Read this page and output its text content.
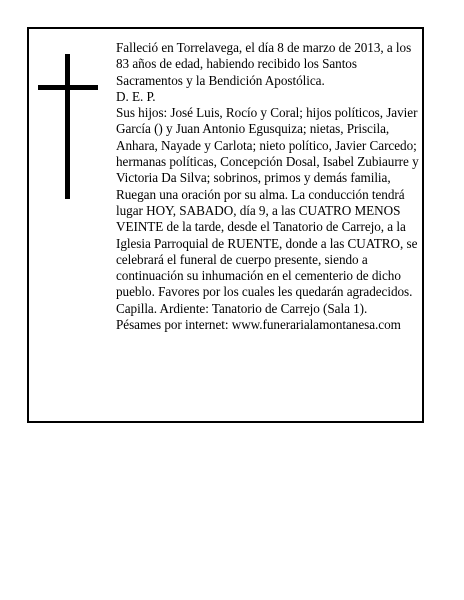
Falleció en Torrelavega, el día 8 de marzo de 2013, a los 83 años de edad, habiendo recibido los Santos Sacramentos y la Bendición Apostólica.

D. E. P.

Sus hijos: José Luis, Rocío y Coral; hijos políticos, Javier García () y Juan Antonio Egusquiza; nietas, Priscila, Anhara, Nayade y Carlota; nieto político, Javier Carcedo; hermanas políticas, Concepción Dosal, Isabel Zubiaurre y Victoria Da Silva; sobrinos, primos y demás familia,

Ruegan una oración por su alma. La conducción tendrá lugar HOY, SABADO, día 9, a las CUATRO MENOS VEINTE de la tarde, desde el Tanatorio de Carrejo, a la Iglesia Parroquial de RUENTE, donde a las CUATRO, se celebrará el funeral de cuerpo presente, siendo a continuación su inhumación en el cementerio de dicho pueblo. Favores por los cuales les quedarán agradecidos. Capilla. Ardiente: Tanatorio de Carrejo (Sala 1).

Pésames por internet: www.funerarialamontanesa.com
